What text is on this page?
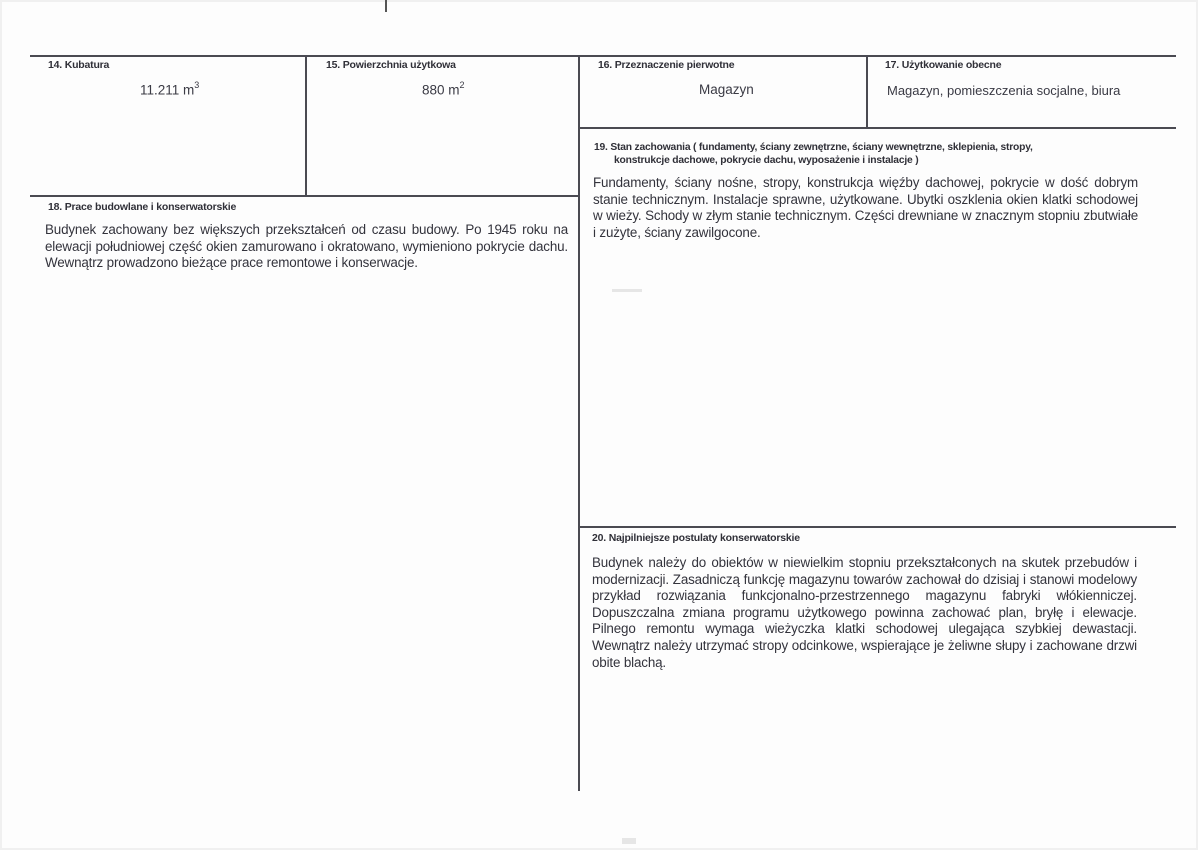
14. Kubatura
11.211 $m^3$
15. Powierzchnia użytkowa
880 $m^2$
16. Przeznaczenie pierwotne
Magazyn
17. Użytkowanie obecne
Magazyn, pomieszczenia socjalne, biura
19. Stan zachowania ( fundamenty, ściany zewnętrzne, ściany wewnętrzne, sklepienia, stropy,
konstrukcje dachowe, pokrycie dachu, wyposażenie i instalacje )
Fundamenty, ściany nośne, stropy, konstrukcja więźby dachowej, pokrycie w dość dobrym stanie technicznym. Instalacje sprawne, użytkowane. Ubytki oszklenia okien klatki schodowej w wieży. Schody w złym stanie technicznym. Części drewniane w znacznym stopniu zbutwiałe i zużyte, ściany zawilgocone.
18. Prace budowlane i konserwatorskie
Budynek zachowany bez większych przekształceń od czasu budowy. Po 1945 roku na elewacji południowej część okien zamurowano i okratowano, wymieniono pokrycie dachu. Wewnątrz prowadzono bieżące prace remontowe i konserwacje.
20. Najpilniejsze postulaty konserwatorskie
Budynek należy do obiektów w niewielkim stopniu przekształconych na skutek przebudów i modernizacji. Zasadniczą funkcję magazynu towarów zachował do dzisiaj i stanowi modelowy przykład rozwiązania funkcjonalno-przestrzennego magazynu fabryki włókienniczej. Dopuszczalna zmiana programu użytkowego powinna zachować plan, bryłę i elewacje. Pilnego remontu wymaga wieżyczka klatki schodowej ulegająca szybkiej dewastacji. Wewnątrz należy utrzymać stropy odcinkowe, wspierające je żeliwne słupy i zachowane drzwi obite blachą.
